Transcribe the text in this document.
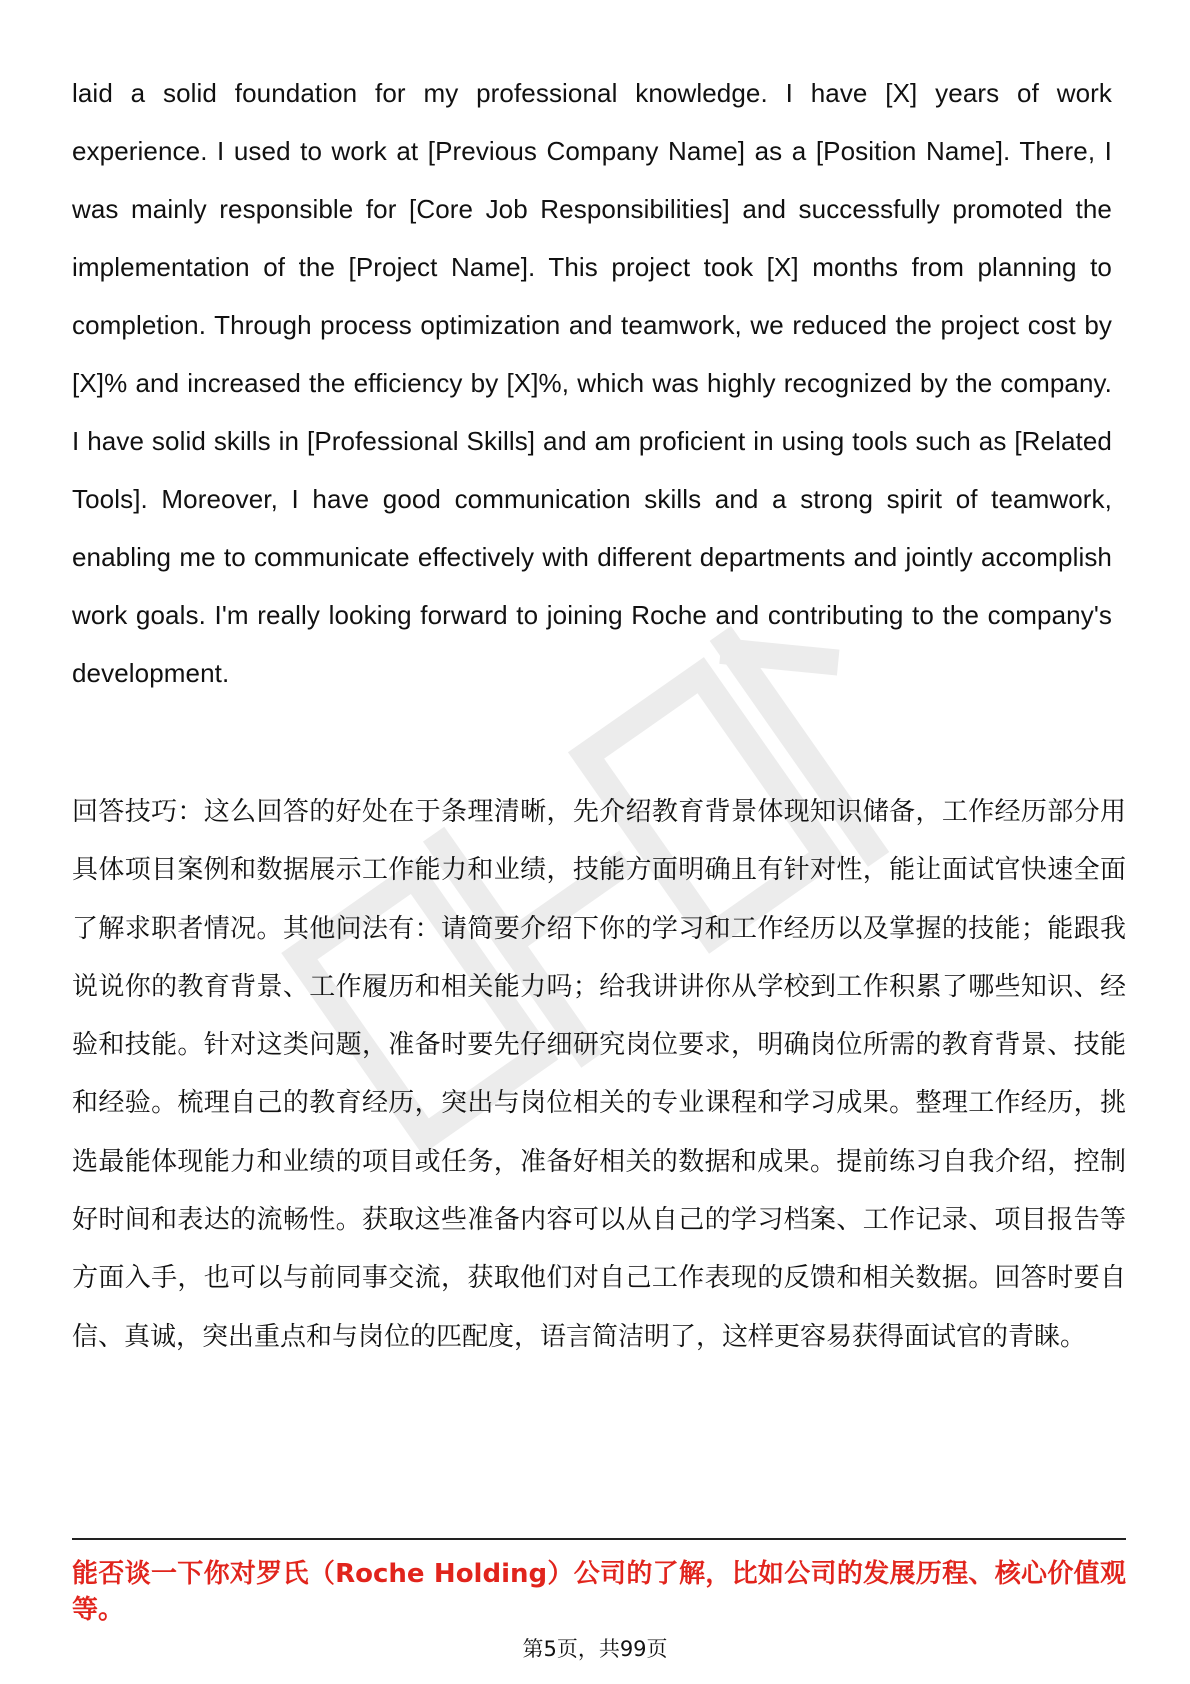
laid a solid foundation for my professional knowledge. I have [X] years of work experience. I used to work at [Previous Company Name] as a [Position Name]. There, I was mainly responsible for [Core Job Responsibilities] and successfully promoted the implementation of the [Project Name]. This project took [X] months from planning to completion. Through process optimization and teamwork, we reduced the project cost by [X]% and increased the efficiency by [X]%, which was highly recognized by the company. I have solid skills in [Professional Skills] and am proficient in using tools such as [Related Tools]. Moreover, I have good communication skills and a strong spirit of teamwork, enabling me to communicate effectively with different departments and jointly accomplish work goals. I'm really looking forward to joining Roche and contributing to the company's development.

回答技巧：这么回答的好处在于条理清晰，先介绍教育背景体现知识储备，工作经历部分用具体项目案例和数据展示工作能力和业绩，技能方面明确且有针对性，能让面试官快速全面了解求职者情况。其他问法有：请简要介绍下你的学习和工作经历以及掌握的技能；能跟我说说你的教育背景、工作履历和相关能力吗；给我讲讲你从学校到工作积累了哪些知识、经验和技能。针对这类问题，准备时要先仔细研究岗位要求，明确岗位所需的教育背景、技能和经验。梳理自己的教育经历，突出与岗位相关的专业课程和学习成果。整理工作经历，挑选最能体现能力和业绩的项目或任务，准备好相关的数据和成果。提前练习自我介绍，控制好时间和表达的流畅性。获取这些准备内容可以从自己的学习档案、工作记录、项目报告等方面入手，也可以与前同事交流，获取他们对自己工作表现的反馈和相关数据。回答时要自信、真诚，突出重点和与岗位的匹配度，语言简洁明了，这样更容易获得面试官的青睐。

能否谈一下你对罗氏（Roche Holding）公司的了解，比如公司的发展历程、核心价值观等。

第5页，共99页
